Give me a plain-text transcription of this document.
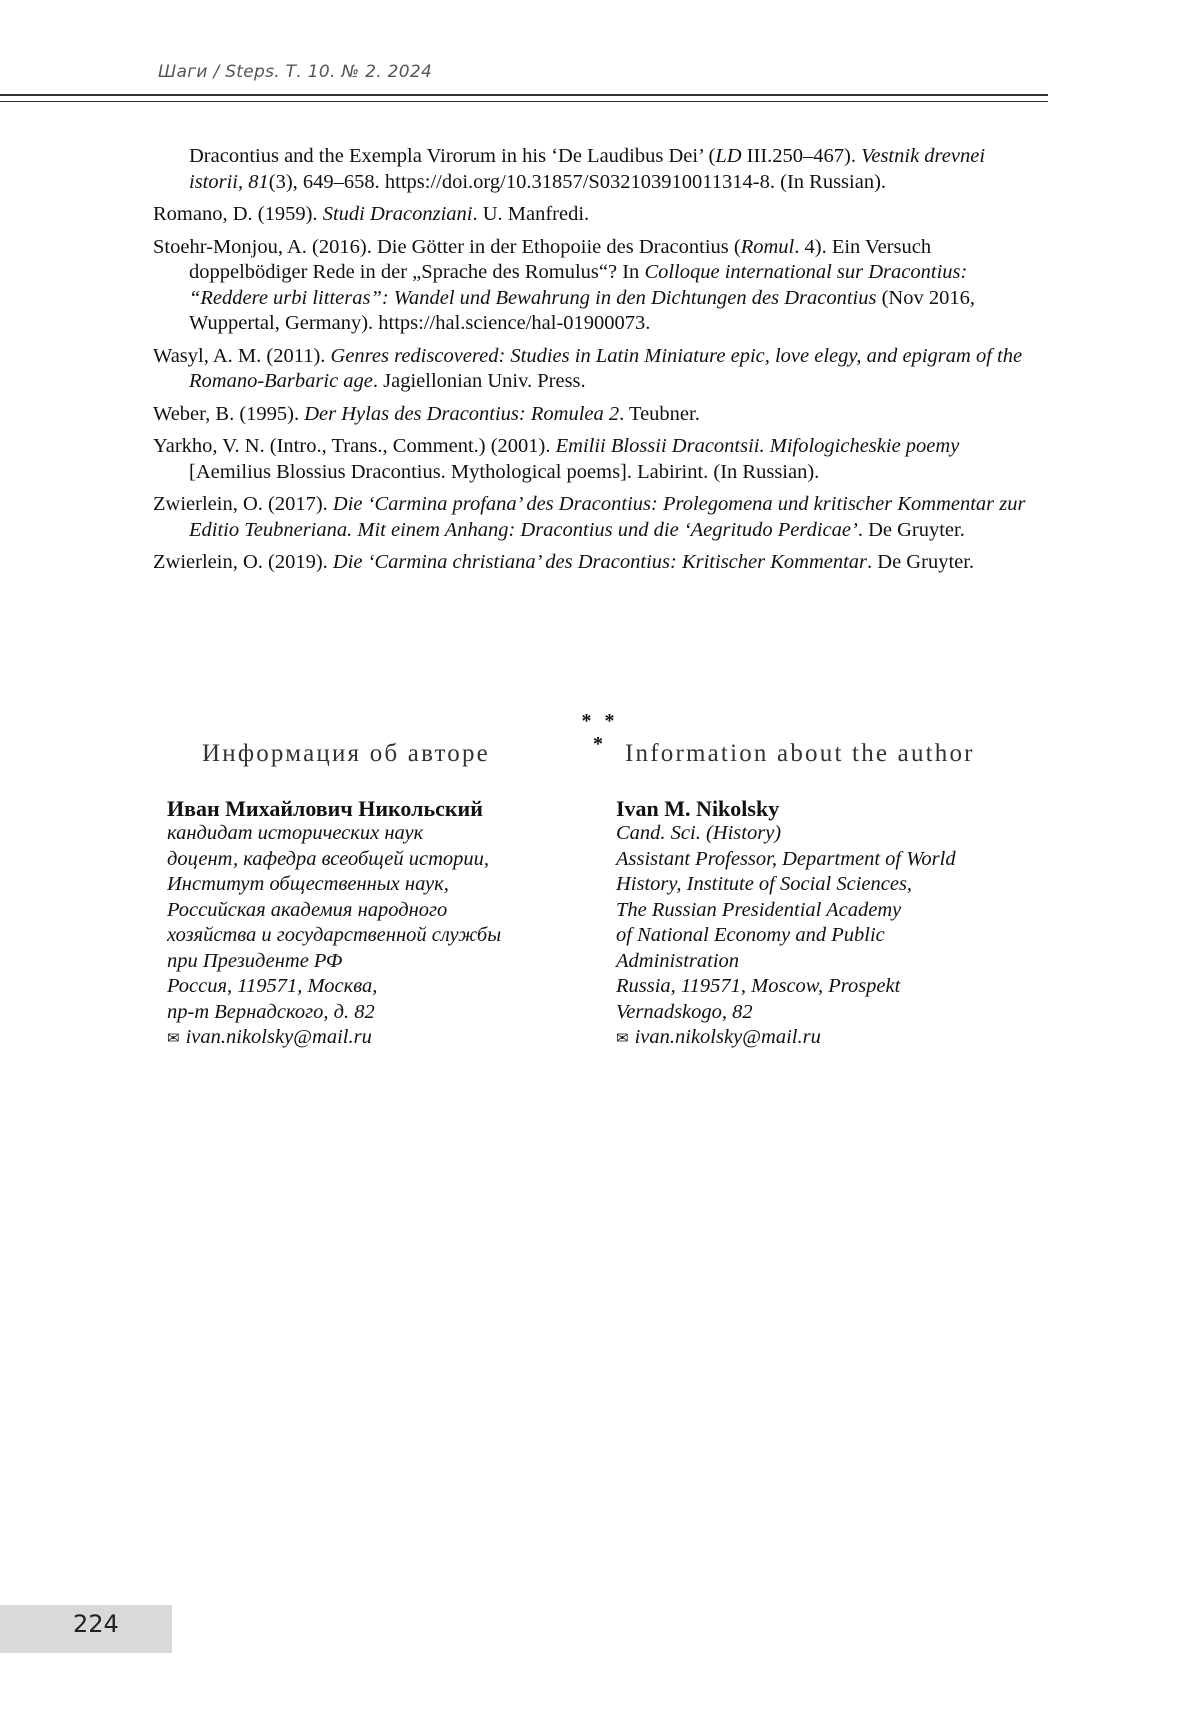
Шаги / Steps. Т. 10. № 2. 2024
Dracontius and the Exempla Virorum in his ‘De Laudibus Dei’ (LD III.250–467). Vestnik drevnei istorii, 81(3), 649–658. https://doi.org/10.31857/S032103910011314-8. (In Russian).
Romano, D. (1959). Studi Draconziani. U. Manfredi.
Stoehr-Monjou, A. (2016). Die Götter in der Ethopoiie des Dracontius (Romul. 4). Ein Versuch doppelbödiger Rede in der „Sprache des Romulus“? In Colloque international sur Dracontius: “Reddere urbi litteras”: Wandel und Bewahrung in den Dichtungen des Dracontius (Nov 2016, Wuppertal, Germany). https://hal.science/hal-01900073.
Wasyl, A. M. (2011). Genres rediscovered: Studies in Latin Miniature epic, love elegy, and epigram of the Romano-Barbaric age. Jagiellonian Univ. Press.
Weber, B. (1995). Der Hylas des Dracontius: Romulea 2. Teubner.
Yarkho, V. N. (Intro., Trans., Comment.) (2001). Emilii Blossii Dracontsii. Mifologicheskie poemy [Aemilius Blossius Dracontius. Mythological poems]. Labirint. (In Russian).
Zwierlein, O. (2017). Die ‘Carmina profana’ des Dracontius: Prolegomena und kritischer Kommentar zur Editio Teubneriana. Mit einem Anhang: Dracontius und die ‘Aegritudo Perdicae’. De Gruyter.
Zwierlein, O. (2019). Die ‘Carmina christiana’ des Dracontius: Kritischer Kommentar. De Gruyter.
* * *
Информация об авторе
Иван Михайлович Никольский
кандидат исторических наук
доцент, кафедра всеобщей истории,
Институт общественных наук,
Российская академия народного
хозяйства и государственной службы
при Президенте РФ
Россия, 119571, Москва,
пр-т Вернадского, д. 82
✉ ivan.nikolsky@mail.ru
Information about the author
Ivan M. Nikolsky
Cand. Sci. (History)
Assistant Professor, Department of World
History, Institute of Social Sciences,
The Russian Presidential Academy
of National Economy and Public
Administration
Russia, 119571, Moscow, Prospekt
Vernadskogo, 82
✉ ivan.nikolsky@mail.ru
224
